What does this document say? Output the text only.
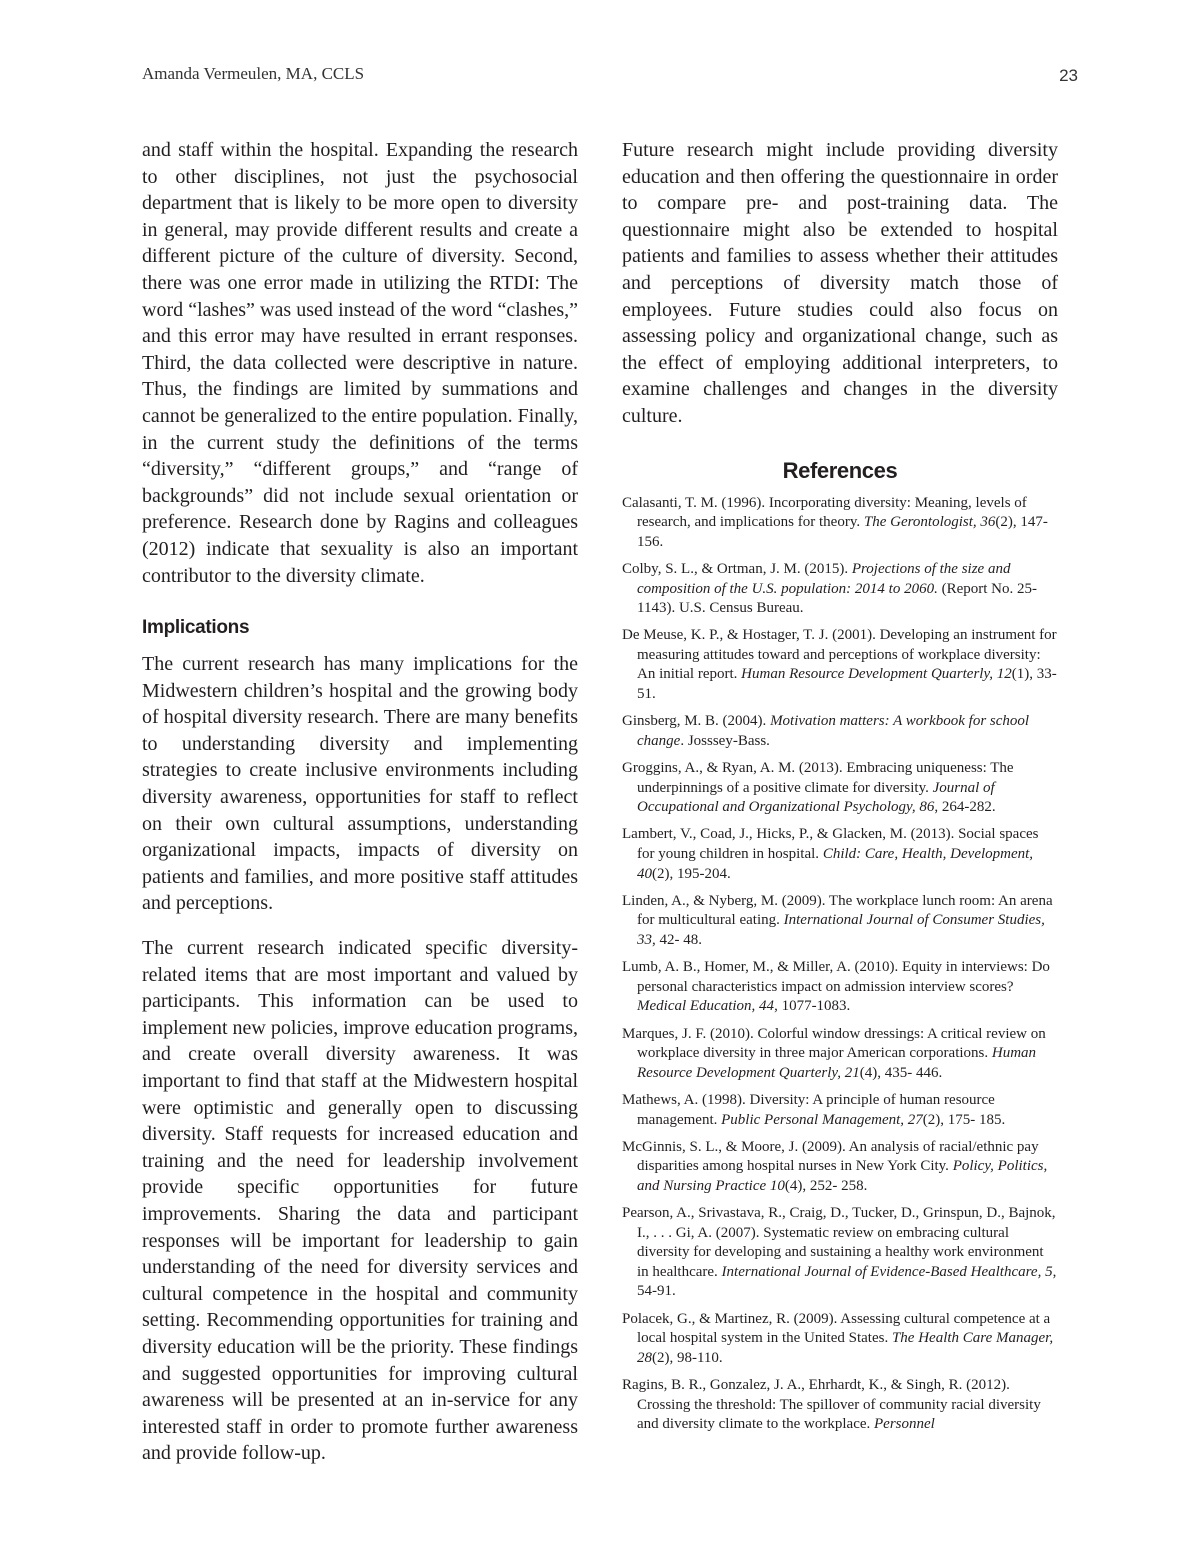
Amanda Vermeulen, MA, CCLS	23

and staff within the hospital. Expanding the research to other disciplines, not just the psychosocial department that is likely to be more open to diversity in general, may provide different results and create a different picture of the culture of diversity. Second, there was one error made in utilizing the RTDI: The word “lashes” was used instead of the word “clashes,” and this error may have resulted in errant responses. Third, the data collected were descriptive in nature. Thus, the findings are limited by summations and cannot be generalized to the entire population. Finally, in the current study the definitions of the terms “diversity,” “different groups,” and “range of backgrounds” did not include sexual orientation or preference. Research done by Ragins and colleagues (2012) indicate that sexuality is also an important contributor to the diversity climate.

Implications

The current research has many implications for the Midwestern children’s hospital and the growing body of hospital diversity research. There are many benefits to understanding diversity and implementing strategies to create inclusive environments including diversity awareness, opportunities for staff to reflect on their own cultural assumptions, understanding organizational impacts, impacts of diversity on patients and families, and more positive staff attitudes and perceptions.

The current research indicated specific diversity-related items that are most important and valued by participants. This information can be used to implement new policies, improve education programs, and create overall diversity awareness. It was important to find that staff at the Midwestern hospital were optimistic and generally open to discussing diversity. Staff requests for increased education and training and the need for leadership involvement provide specific opportunities for future improvements. Sharing the data and participant responses will be important for leadership to gain understanding of the need for diversity services and cultural competence in the hospital and community setting. Recommending opportunities for training and diversity education will be the priority. These findings and suggested opportunities for improving cultural awareness will be presented at an in-service for any interested staff in order to promote further awareness and provide follow-up.

Future research might include providing diversity education and then offering the questionnaire in order to compare pre- and post-training data. The questionnaire might also be extended to hospital patients and families to assess whether their attitudes and perceptions of diversity match those of employees. Future studies could also focus on assessing policy and organizational change, such as the effect of employing additional interpreters, to examine challenges and changes in the diversity culture.

References
Calasanti, T. M. (1996). Incorporating diversity: Meaning, levels of research, and implications for theory. The Gerontologist, 36(2), 147-156.
Colby, S. L., & Ortman, J. M. (2015). Projections of the size and composition of the U.S. population: 2014 to 2060. (Report No. 25-1143). U.S. Census Bureau.
De Meuse, K. P., & Hostager, T. J. (2001). Developing an instrument for measuring attitudes toward and perceptions of workplace diversity: An initial report. Human Resource Development Quarterly, 12(1), 33- 51.
Ginsberg, M. B. (2004). Motivation matters: A workbook for school change. Josssey-Bass.
Groggins, A., & Ryan, A. M. (2013). Embracing uniqueness: The underpinnings of a positive climate for diversity. Journal of Occupational and Organizational Psychology, 86, 264-282.
Lambert, V., Coad, J., Hicks, P., & Glacken, M. (2013). Social spaces for young children in hospital. Child: Care, Health, Development, 40(2), 195-204.
Linden, A., & Nyberg, M. (2009). The workplace lunch room: An arena for multicultural eating. International Journal of Consumer Studies, 33, 42- 48.
Lumb, A. B., Homer, M., & Miller, A. (2010). Equity in interviews: Do personal characteristics impact on admission interview scores? Medical Education, 44, 1077-1083.
Marques, J. F. (2010). Colorful window dressings: A critical review on workplace diversity in three major American corporations. Human Resource Development Quarterly, 21(4), 435- 446.
Mathews, A. (1998). Diversity: A principle of human resource management. Public Personal Management, 27(2), 175- 185.
McGinnis, S. L., & Moore, J. (2009). An analysis of racial/ethnic pay disparities among hospital nurses in New York City. Policy, Politics, and Nursing Practice 10(4), 252- 258.
Pearson, A., Srivastava, R., Craig, D., Tucker, D., Grinspun, D., Bajnok, I., . . . Gi, A. (2007). Systematic review on embracing cultural diversity for developing and sustaining a healthy work environment in healthcare. International Journal of Evidence-Based Healthcare, 5, 54-91.
Polacek, G., & Martinez, R. (2009). Assessing cultural competence at a local hospital system in the United States. The Health Care Manager, 28(2), 98-110.
Ragins, B. R., Gonzalez, J. A., Ehrhardt, K., & Singh, R. (2012). Crossing the threshold: The spillover of community racial diversity and diversity climate to the workplace. Personnel
